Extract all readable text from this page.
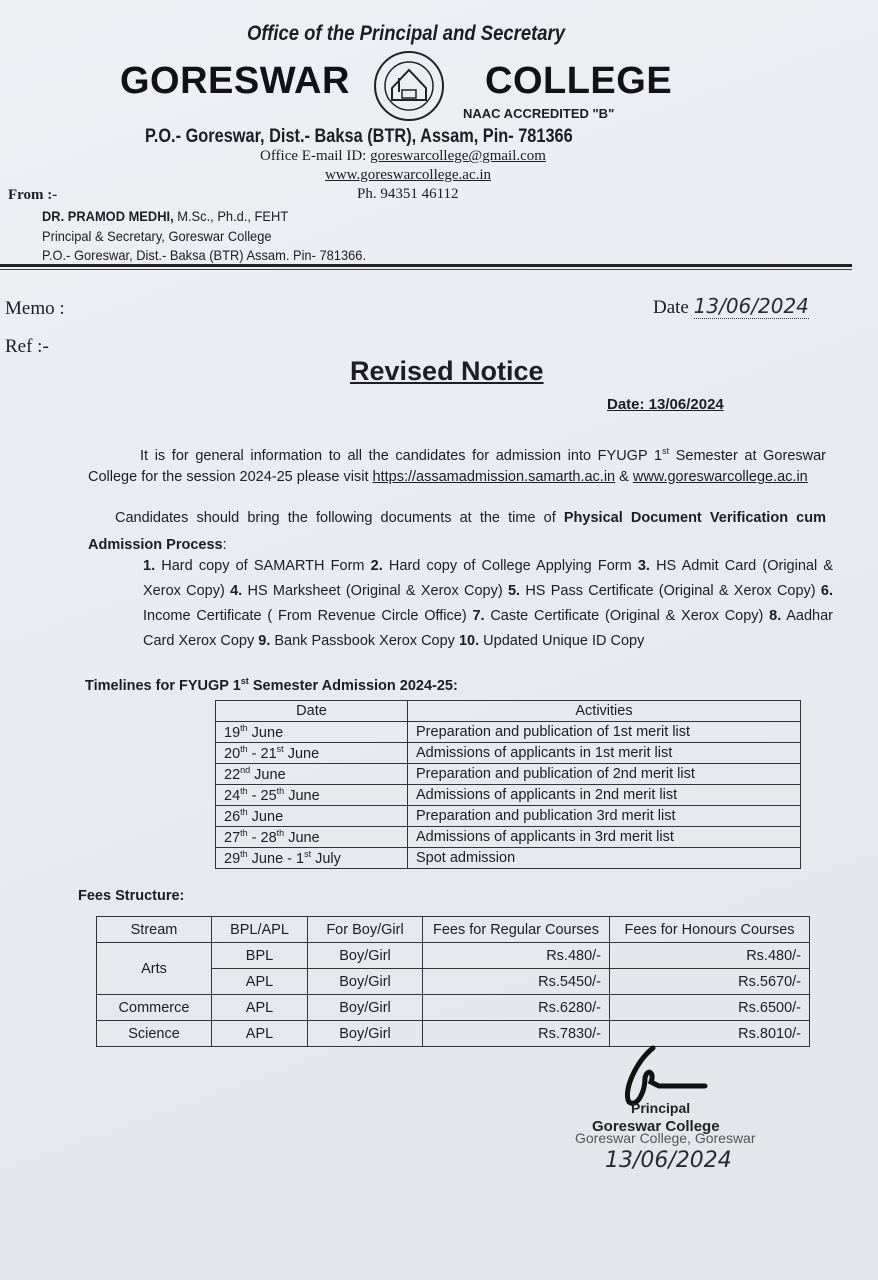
Office of the Principal and Secretary
GORESWAR	COLLEGE
NAAC ACCREDITED "B"
P.O.- Goreswar, Dist.- Baksa (BTR), Assam, Pin- 781366
Office E-mail ID: goreswarcollege@gmail.com
www.goreswarcollege.ac.in
Ph. 94351 46112
From :-
DR. PRAMOD MEDHI, M.Sc., Ph.d., FEHT
Principal & Secretary, Goreswar College
P.O.- Goreswar, Dist.- Baksa (BTR) Assam. Pin- 781366.
Memo :
Ref :-
Date 13/06/2024
Revised Notice
Date: 13/06/2024
It is for general information to all the candidates for admission into FYUGP 1st Semester at Goreswar College for the session 2024-25 please visit https://assamadmission.samarth.ac.in & www.goreswarcollege.ac.in
Candidates should bring the following documents at the time of Physical Document Verification cum Admission Process:
1. Hard copy of SAMARTH Form 2. Hard copy of College Applying Form 3. HS Admit Card (Original & Xerox Copy) 4. HS Marksheet (Original & Xerox Copy) 5. HS Pass Certificate (Original & Xerox Copy) 6. Income Certificate ( From Revenue Circle Office) 7. Caste Certificate (Original & Xerox Copy) 8. Aadhar Card Xerox Copy 9. Bank Passbook Xerox Copy 10. Updated Unique ID Copy
Timelines for FYUGP 1st Semester Admission 2024-25:
Date	Activities
19th June	Preparation and publication of 1st merit list
20th - 21st June	Admissions of applicants in 1st merit list
22nd June	Preparation and publication of 2nd merit list
24th - 25th June	Admissions of applicants in 2nd merit list
26th June	Preparation and publication 3rd merit list
27th - 28th June	Admissions of applicants in 3rd merit list
29th June - 1st July	Spot admission
Fees Structure:
Stream	BPL/APL	For Boy/Girl	Fees for Regular Courses	Fees for Honours Courses
Arts	BPL	Boy/Girl	Rs.480/-	Rs.480/-
	APL	Boy/Girl	Rs.5450/-	Rs.5670/-
Commerce	APL	Boy/Girl	Rs.6280/-	Rs.6500/-
Science	APL	Boy/Girl	Rs.7830/-	Rs.8010/-
Principal
Goreswar College
Goreswar College, Goreswar
13/06/2024
